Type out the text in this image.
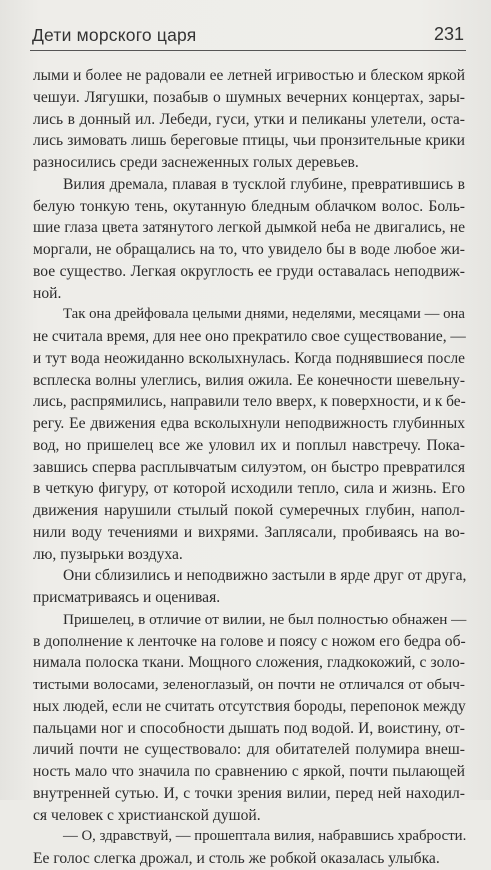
Дети морского царя	231
лыми и более не радовали ее летней игривостью и блеском яркой
чешуи. Лягушки, позабыв о шумных вечерних концертах, зары-
лись в донный ил. Лебеди, гуси, утки и пеликаны улетели, оста-
лись зимовать лишь береговые птицы, чьи пронзительные крики
разносились среди заснеженных голых деревьев.
Вилия дремала, плавая в тусклой глубине, превратившись в
белую тонкую тень, окутанную бледным облачком волос. Боль-
шие глаза цвета затянутого легкой дымкой неба не двигались, не
моргали, не обращались на то, что увидело бы в воде любое жи-
вое существо. Легкая округлость ее груди оставалась неподвиж-
ной.
Так она дрейфовала целыми днями, неделями, месяцами — она
не считала время, для нее оно прекратило свое существование, —
и тут вода неожиданно всколыхнулась. Когда поднявшиеся после
всплеска волны улеглись, вилия ожила. Ее конечности шевельну-
лись, распрямились, направили тело вверх, к поверхности, и к бе-
регу. Ее движения едва всколыхнули неподвижность глубинных
вод, но пришелец все же уловил их и поплыл навстречу. Пока-
завшись сперва расплывчатым силуэтом, он быстро превратился
в четкую фигуру, от которой исходили тепло, сила и жизнь. Его
движения нарушили стылый покой сумеречных глубин, напол-
нили воду течениями и вихрями. Заплясали, пробиваясь на во-
лю, пузырьки воздуха.
Они сблизились и неподвижно застыли в ярде друг от друга,
присматриваясь и оценивая.
Пришелец, в отличие от вилии, не был полностью обнажен —
в дополнение к ленточке на голове и поясу с ножом его бедра об-
нимала полоска ткани. Мощного сложения, гладкокожий, с золо-
тистыми волосами, зеленоглазый, он почти не отличался от обыч-
ных людей, если не считать отсутствия бороды, перепонок между
пальцами ног и способности дышать под водой. И, воистину, от-
личий почти не существовало: для обитателей полумира внеш-
ность мало что значила по сравнению с яркой, почти пылающей
внутренней сутью. И, с точки зрения вилии, перед ней находил-
ся человек с христианской душой.
— О, здравствуй, — прошептала вилия, набравшись храбрости.
Ее голос слегка дрожал, и столь же робкой оказалась улыбка.
